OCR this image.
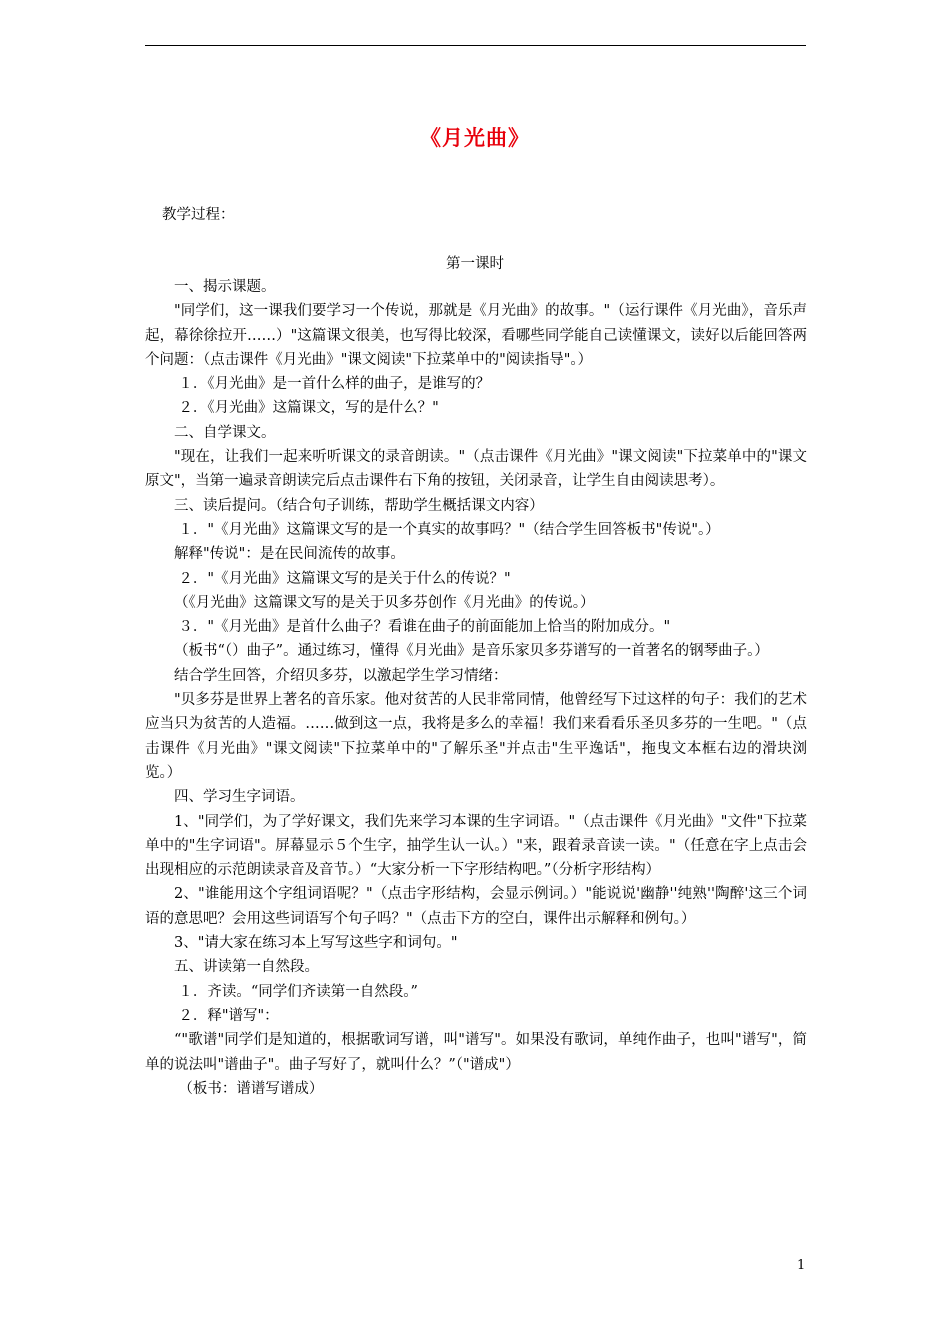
《月光曲》
教学过程：
第一课时

一、揭示课题。

"同学们，这一课我们要学习一个传说，那就是《月光曲》的故事。"（运行课件《月光曲》，音乐声起，幕徐徐拉开……）"这篇课文很美，也写得比较深，看哪些同学能自己读懂课文，读好以后能回答两个问题：（点击课件《月光曲》"课文阅读"下拉菜单中的"阅读指导"。）

１．《月光曲》是一首什么样的曲子，是谁写的？

２．《月光曲》这篇课文，写的是什么？"

二、自学课文。

"现在，让我们一起来听听课文的录音朗读。"（点击课件《月光曲》"课文阅读"下拉菜单中的"课文原文"，当第一遍录音朗读完后点击课件右下角的按钮，关闭录音，让学生自由阅读思考）。

三、读后提问。（结合句子训练，帮助学生概括课文内容）

１．"《月光曲》这篇课文写的是一个真实的故事吗？"（结合学生回答板书"传说"。）

解释"传说"：是在民间流传的故事。

２．"《月光曲》这篇课文写的是关于什么的传说？"

（《月光曲》这篇课文写的是关于贝多芬创作《月光曲》的传说。）

３．"《月光曲》是首什么曲子？看谁在曲子的前面能加上恰当的附加成分。"

（板书“（）曲子”。通过练习，懂得《月光曲》是音乐家贝多芬谱写的一首著名的钢琴曲子。）

结合学生回答，介绍贝多芬，以激起学生学习情绪：

"贝多芬是世界上著名的音乐家。他对贫苦的人民非常同情，他曾经写下过这样的句子：我们的艺术应当只为贫苦的人造福。……做到这一点，我将是多么的幸福！我们来看看乐圣贝多芬的一生吧。"（点击课件《月光曲》"课文阅读"下拉菜单中的"了解乐圣"并点击"生平逸话"，拖曳文本框右边的滑块浏览。）

四、学习生字词语。

1、"同学们，为了学好课文，我们先来学习本课的生字词语。"（点击课件《月光曲》"文件"下拉菜单中的"生字词语"。屏幕显示５个生字，抽学生认一认。）"来，跟着录音读一读。"（任意在字上点击会出现相应的示范朗读录音及音节。）“大家分析一下字形结构吧。”（分析字形结构）

2、"谁能用这个字组词语呢？"（点击字形结构，会显示例词。）"能说说'幽静''纯熟''陶醉'这三个词语的意思吧？会用这些词语写个句子吗？"（点击下方的空白，课件出示解释和例句。）

3、"请大家在练习本上写写这些字和词句。"

五、讲读第一自然段。

１．齐读。“同学们齐读第一自然段。”

２．释"谱写"：

“"歌谱"同学们是知道的，根据歌词写谱，叫"谱写"。如果没有歌词，单纯作曲子，也叫"谱写"，简单的说法叫"谱曲子"。曲子写好了，就叫什么？”（"谱成"）

（板书：谱谱写谱成）

1
